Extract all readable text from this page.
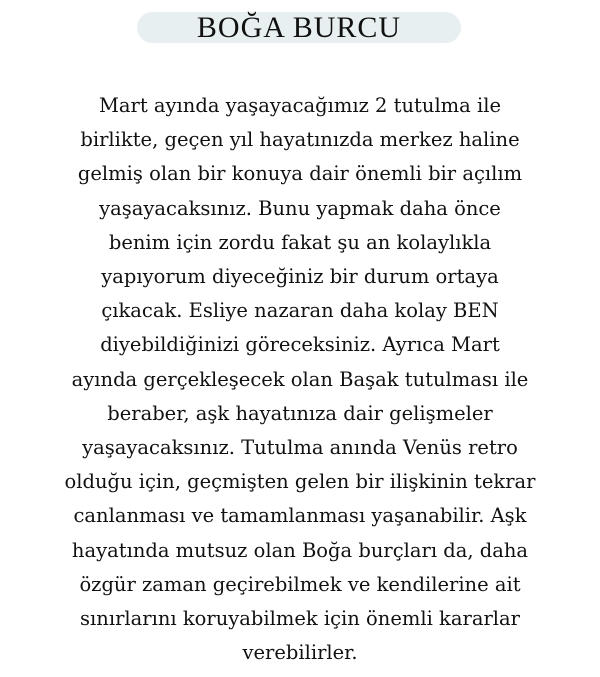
BOĞA BURCU

Mart ayında yaşayacağımız 2 tutulma ile
birlikte, geçen yıl hayatınızda merkez haline
gelmiş olan bir konuya dair önemli bir açılım
yaşayacaksınız. Bunu yapmak daha önce
benim için zordu fakat şu an kolaylıkla
yapıyorum diyeceğiniz bir durum ortaya
çıkacak. Esliye nazaran daha kolay BEN
diyebildiğinizi göreceksiniz. Ayrıca Mart
ayında gerçekleşecek olan Başak tutulması ile
beraber, aşk hayatınıza dair gelişmeler
yaşayacaksınız. Tutulma anında Venüs retro
olduğu için, geçmişten gelen bir ilişkinin tekrar
canlanması ve tamamlanması yaşanabilir. Aşk
hayatında mutsuz olan Boğa burçları da, daha
özgür zaman geçirebilmek ve kendilerine ait
sınırlarını koruyabilmek için önemli kararlar
verebilirler.
